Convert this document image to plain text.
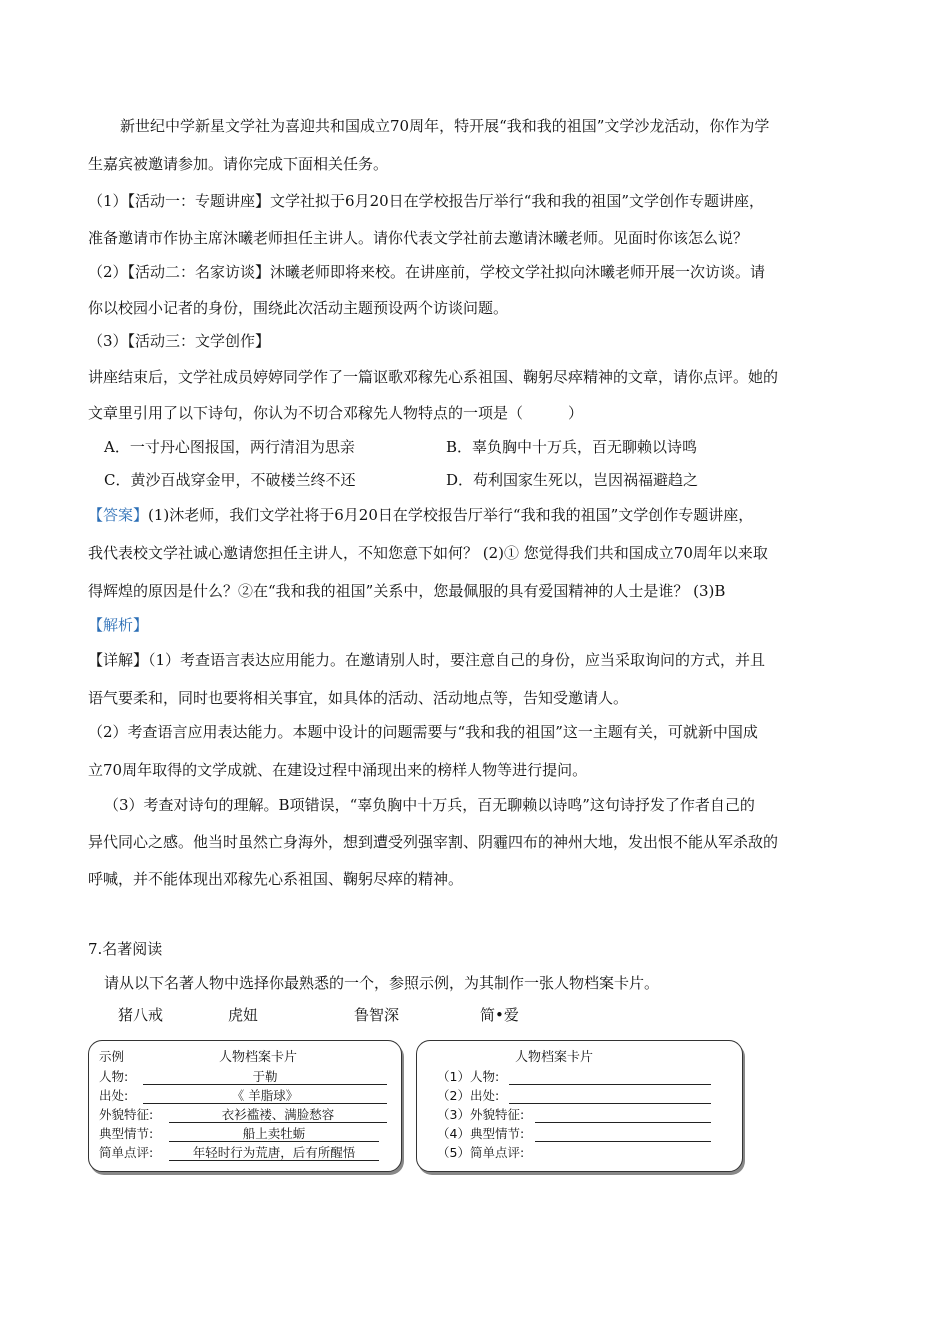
新世纪中学新星文学社为喜迎共和国成立70周年，特开展“我和我的祖国”文学沙龙活动，你作为学
生嘉宾被邀请参加。请你完成下面相关任务。
（1）【活动一：专题讲座】文学社拟于6月20日在学校报告厅举行“我和我的祖国”文学创作专题讲座，
准备邀请市作协主席沐曦老师担任主讲人。请你代表文学社前去邀请沐曦老师。见面时你该怎么说？
（2）【活动二：名家访谈】沐曦老师即将来校。在讲座前，学校文学社拟向沐曦老师开展一次访谈。请
你以校园小记者的身份，围绕此次活动主题预设两个访谈问题。
（3）【活动三：文学创作】
讲座结束后，文学社成员婷婷同学作了一篇讴歌邓稼先心系祖国、鞠躬尽瘁精神的文章，请你点评。她的
文章里引用了以下诗句，你认为不切合邓稼先人物特点的一项是（　　　）
A．一寸丹心图报国，两行清泪为思亲	B．辜负胸中十万兵，百无聊赖以诗鸣
C．黄沙百战穿金甲，不破楼兰终不还	D．苟利国家生死以，岂因祸福避趋之
【答案】(1)沐老师，我们文学社将于6月20日在学校报告厅举行“我和我的祖国”文学创作专题讲座，
我代表校文学社诚心邀请您担任主讲人，不知您意下如何？ (2)① 您觉得我们共和国成立70周年以来取
得辉煌的原因是什么？②在“我和我的祖国”关系中，您最佩服的具有爱国精神的人士是谁？ (3)B
【解析】
【详解】（1）考查语言表达应用能力。在邀请别人时，要注意自己的身份，应当采取询问的方式，并且
语气要柔和，同时也要将相关事宜，如具体的活动、活动地点等，告知受邀请人。
（2）考查语言应用表达能力。本题中设计的问题需要与“我和我的祖国”这一主题有关，可就新中国成
立70周年取得的文学成就、在建设过程中涌现出来的榜样人物等进行提问。
（3）考查对诗句的理解。B项错误，“辜负胸中十万兵，百无聊赖以诗鸣”这句诗抒发了作者自己的
异代同心之感。他当时虽然亡身海外，想到遭受列强宰割、阴霾四布的神州大地，发出恨不能从军杀敌的
呼喊，并不能体现出邓稼先心系祖国、鞠躬尽瘁的精神。
7.名著阅读
请从以下名著人物中选择你最熟悉的一个，参照示例，为其制作一张人物档案卡片。
猪八戒	虎妞	鲁智深	简•爱
示例	人物档案卡片
人物:	于勒
出处:	《 羊脂球》
外貌特征:	衣衫褴褛、满脸愁容
典型情节:	船上卖牡蛎
简单点评:	年轻时行为荒唐，后有所醒悟
人物档案卡片
（1）人物:
（2）出处:
（3）外貌特征:
（4）典型情节:
（5）简单点评:
